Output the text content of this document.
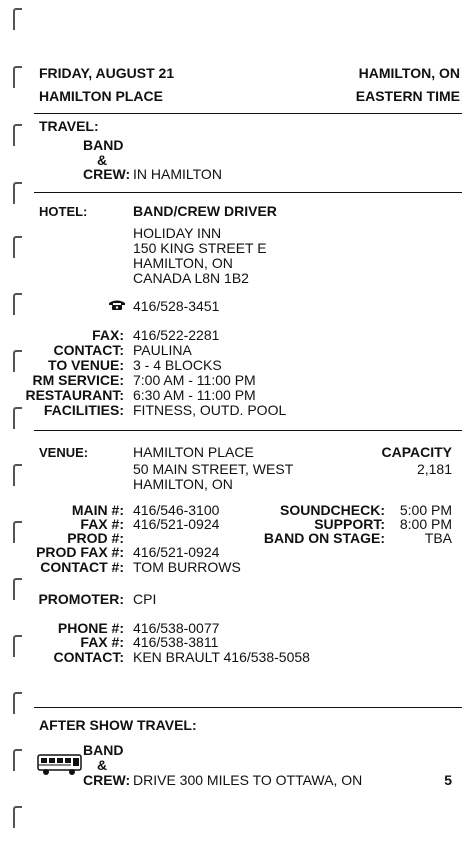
FRIDAY, AUGUST 21	HAMILTON, ON
HAMILTON PLACE	EASTERN TIME
TRAVEL:
BAND
&
CREW: IN HAMILTON
HOTEL:	BAND/CREW DRIVER
HOLIDAY INN
150 KING STREET E
HAMILTON, ON
CANADA L8N 1B2
416/528-3451
FAX: 416/522-2281
CONTACT: PAULINA
TO VENUE: 3 - 4 BLOCKS
RM SERVICE: 7:00 AM - 11:00 PM
RESTAURANT: 6:30 AM - 11:00 PM
FACILITIES: FITNESS, OUTD. POOL
VENUE:	HAMILTON PLACE
50 MAIN STREET, WEST
HAMILTON, ON
CAPACITY
2,181
MAIN #: 416/546-3100
FAX #: 416/521-0924
PROD #:
PROD FAX #: 416/521-0924
CONTACT #: TOM BURROWS
SOUNDCHECK: 5:00 PM
SUPPORT: 8:00 PM
BAND ON STAGE:	TBA
PROMOTER: CPI
PHONE #: 416/538-0077
FAX #: 416/538-3811
CONTACT: KEN BRAULT 416/538-5058
AFTER SHOW TRAVEL:
BAND
&
CREW: DRIVE 300 MILES TO OTTAWA, ON	5
